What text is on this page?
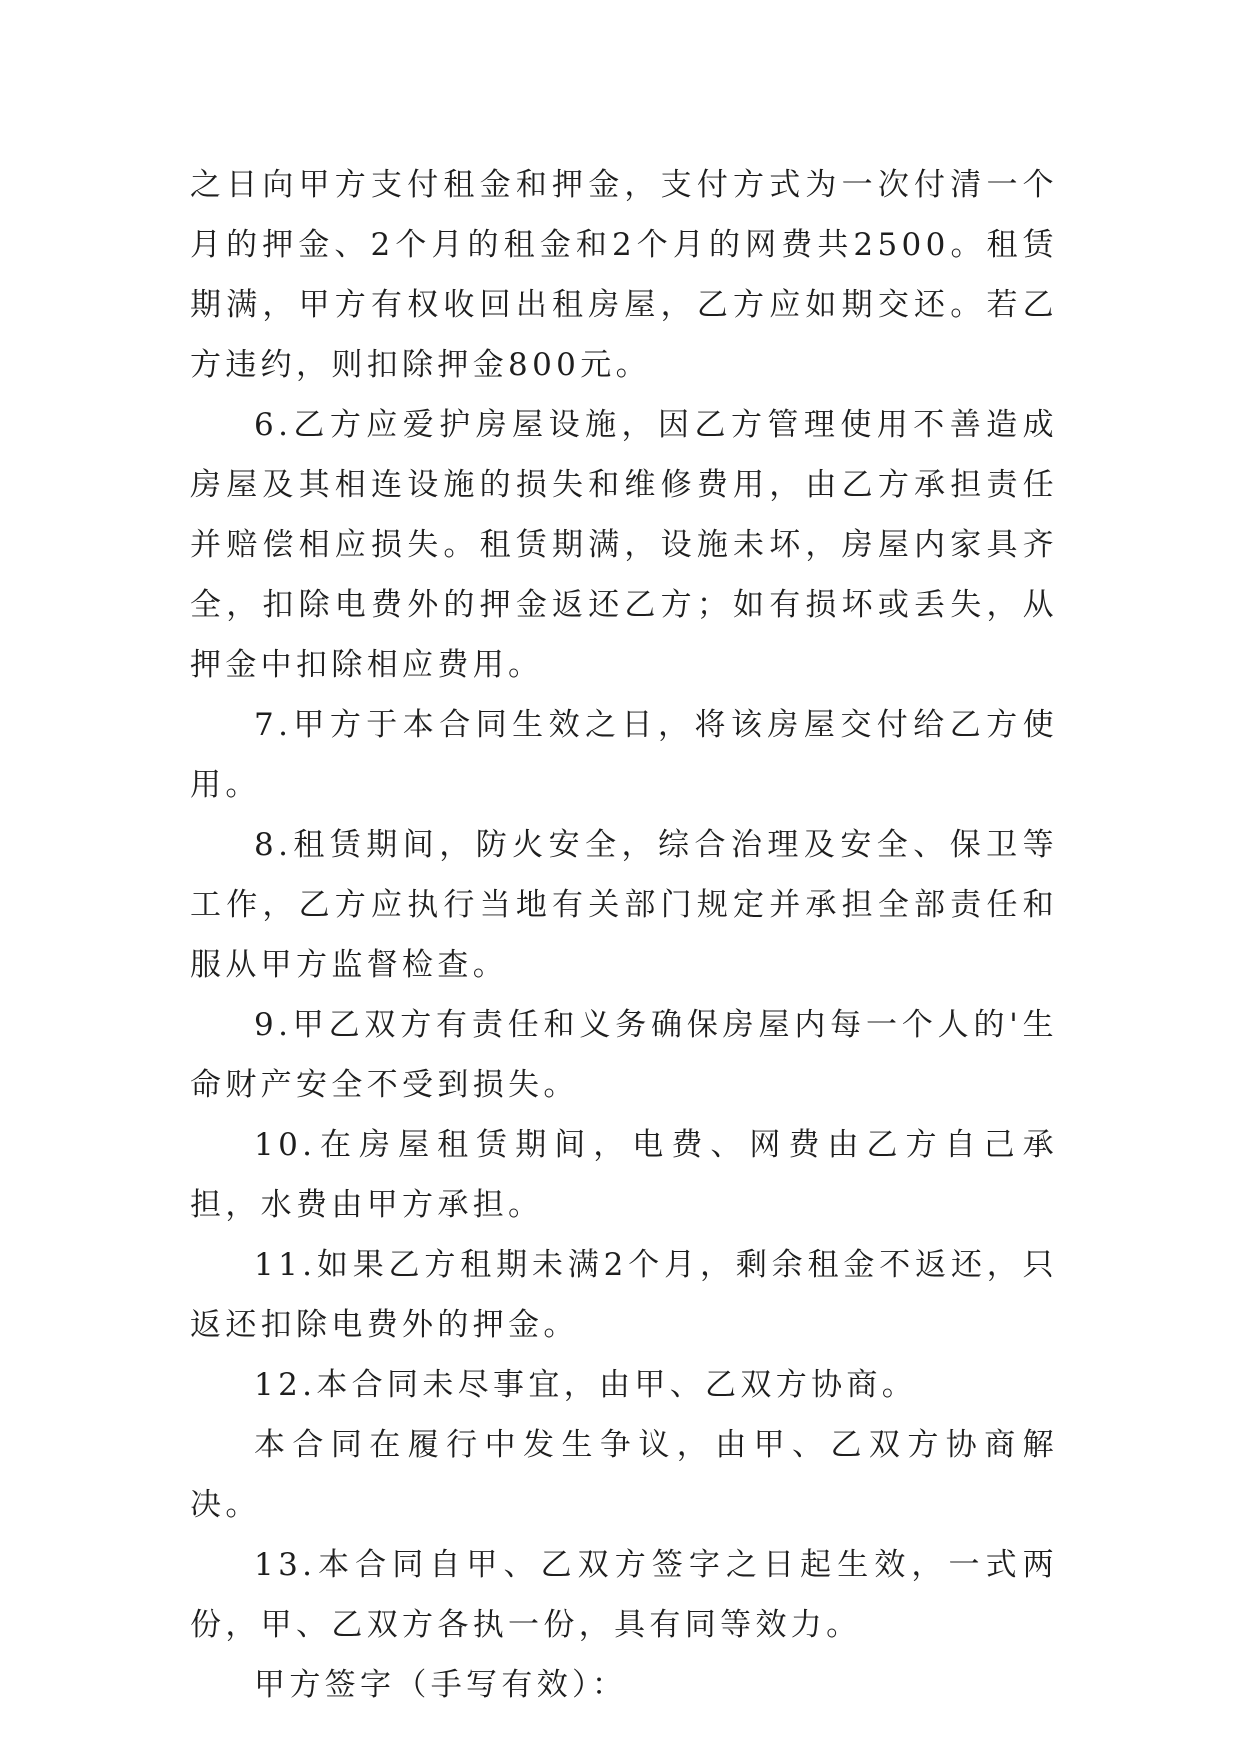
之日向甲方支付租金和押金，支付方式为一次付清一个月的押金、2个月的租金和2个月的网费共2500。租赁期满，甲方有权收回出租房屋，乙方应如期交还。若乙方违约，则扣除押金800元。

6.乙方应爱护房屋设施，因乙方管理使用不善造成房屋及其相连设施的损失和维修费用，由乙方承担责任并赔偿相应损失。租赁期满，设施未坏，房屋内家具齐全，扣除电费外的押金返还乙方；如有损坏或丢失，从押金中扣除相应费用。

7.甲方于本合同生效之日，将该房屋交付给乙方使用。

8.租赁期间，防火安全，综合治理及安全、保卫等工作，乙方应执行当地有关部门规定并承担全部责任和服从甲方监督检查。

9.甲乙双方有责任和义务确保房屋内每一个人的'生命财产安全不受到损失。

10.在房屋租赁期间，电费、网费由乙方自己承担，水费由甲方承担。

11.如果乙方租期未满2个月，剩余租金不返还，只返还扣除电费外的押金。

12.本合同未尽事宜，由甲、乙双方协商。

本合同在履行中发生争议，由甲、乙双方协商解决。

13.本合同自甲、乙双方签字之日起生效，一式两份，甲、乙双方各执一份，具有同等效力。

甲方签字（手写有效）：
